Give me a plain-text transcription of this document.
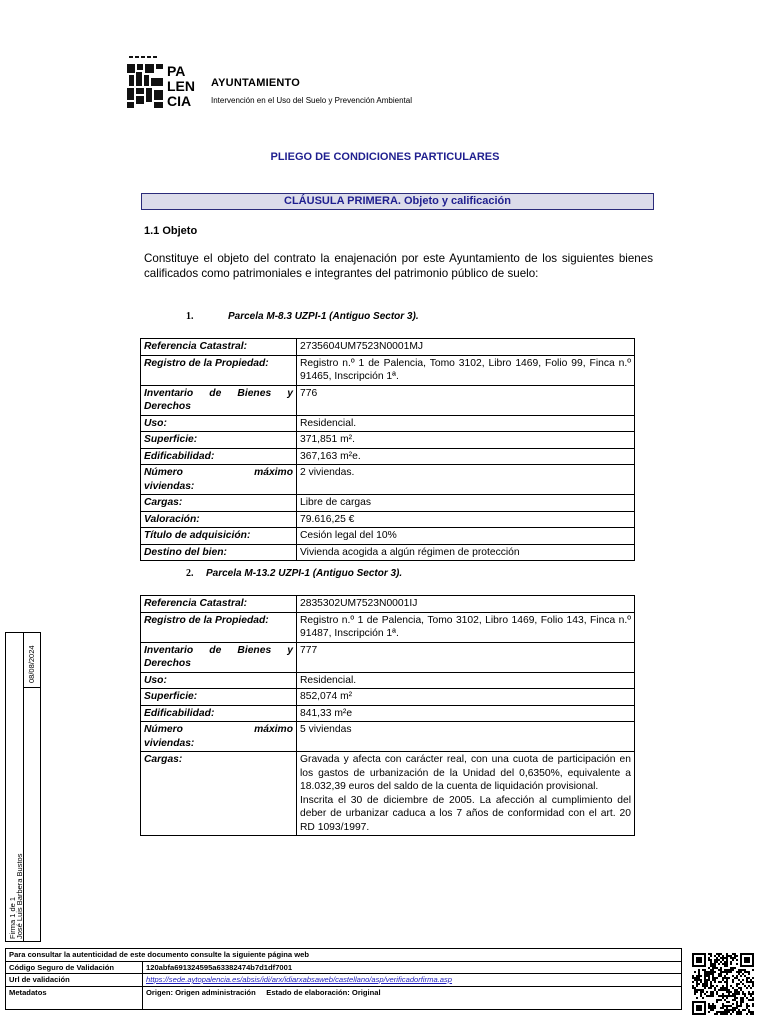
PA
LEN
CIA
AYUNTAMIENTO
Intervención en el Uso del Suelo y Prevención Ambiental
PLIEGO DE CONDICIONES PARTICULARES
CLÁUSULA PRIMERA. Objeto y calificación
1.1 Objeto
Constituye el objeto del contrato la enajenación por este Ayuntamiento de los siguientes bienes calificados como patrimoniales e integrantes del patrimonio público de suelo:
1.	Parcela M-8.3 UZPI-1 (Antiguo Sector 3).
Referencia Catastral:	2735604UM7523N0001MJ
Registro de la Propiedad:	Registro n.º 1 de Palencia, Tomo 3102, Libro 1469, Folio 99, Finca n.º 91465, Inscripción 1ª.

Inventario de Bienes y
Derechos	776
Uso:	Residencial.
Superficie:	371,851 m².
Edificabilidad:	367,163 m²e.

Número máximo
viviendas:	2 viviendas.
Cargas:	Libre de cargas
Valoración:	79.616,25 €
Título de adquisición:	Cesión legal del 10%
Destino del bien:	Vivienda acogida a algún régimen de protección
2. Parcela M-13.2 UZPI-1 (Antiguo Sector 3).
Referencia Catastral:	2835302UM7523N0001IJ
Registro de la Propiedad:	Registro n.º 1 de Palencia, Tomo 3102, Libro 1469, Folio 143, Finca n.º 91487, Inscripción 1ª.

Inventario de Bienes y
Derechos	777
Uso:	Residencial.
Superficie:	852,074 m²
Edificabilidad:	841,33 m²e

Número máximo
viviendas:	5 viviendas
Cargas:	Gravada y afecta con carácter real, con una cuota de participación en los gastos de urbanización de la Unidad del 0,6350%, equivalente a 18.032,39 euros del saldo de la cuenta de liquidación provisional.
Inscrita el 30 de diciembre de 2005. La afección al cumplimiento del deber de urbanizar caduca a los 7 años de conformidad con el art. 20 RD 1093/1997.
Firma 1 de 1
José Luis Barbera Bustos
08/08/2024
Para consultar la autenticidad de este documento consulte la siguiente página web	
Código Seguro de Validación	120abfa691324595a63382474b7d1df7001
Url de validación	https://sede.aytopalencia.es/absis/idi/arx/idiarxabsaweb/castellano/asp/verificadorfirma.asp
Metadatos	Origen: Origen administración     Estado de elaboración: Original
